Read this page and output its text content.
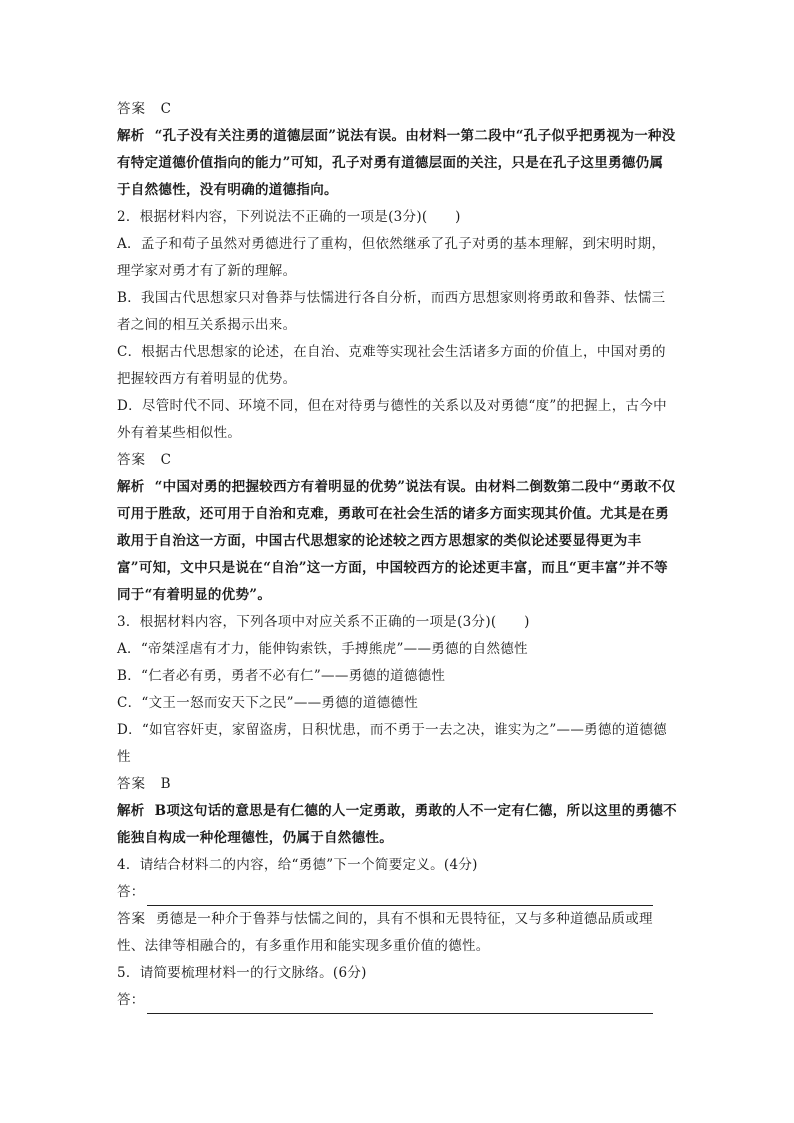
答案 C

解析 “孔子没有关注勇的道德层面”说法有误。由材料一第二段中“孔子似乎把勇视为一种没有特定道德价值指向的能力”可知，孔子对勇有道德层面的关注，只是在孔子这里勇德仍属于自然德性，没有明确的道德指向。

2．根据材料内容，下列说法不正确的一项是(3分)(　　)

A．孟子和荀子虽然对勇德进行了重构，但依然继承了孔子对勇的基本理解，到宋明时期，理学家对勇才有了新的理解。

B．我国古代思想家只对鲁莽与怯懦进行各自分析，而西方思想家则将勇敢和鲁莽、怯懦三者之间的相互关系揭示出来。

C．根据古代思想家的论述，在自治、克难等实现社会生活诸多方面的价值上，中国对勇的把握较西方有着明显的优势。

D．尽管时代不同、环境不同，但在对待勇与德性的关系以及对勇德“度”的把握上，古今中外有着某些相似性。

答案 C

解析 “中国对勇的把握较西方有着明显的优势”说法有误。由材料二倒数第二段中“勇敢不仅可用于胜敌，还可用于自治和克难，勇敢可在社会生活的诸多方面实现其价值。尤其是在勇敢用于自治这一方面，中国古代思想家的论述较之西方思想家的类似论述要显得更为丰富”可知，文中只是说在“自治”这一方面，中国较西方的论述更丰富，而且“更丰富”并不等同于“有着明显的优势”。

3．根据材料内容，下列各项中对应关系不正确的一项是(3分)(　　)

A．“帝桀淫虐有才力，能伸钩索铁，手搏熊虎”——勇德的自然德性

B．“仁者必有勇，勇者不必有仁”——勇德的道德德性

C．“文王一怒而安天下之民”——勇德的道德德性

D．“如官容奸吏，家留盗虏，日积忧患，而不勇于一去之决，谁实为之”——勇德的道德德性

答案 B

解析 B项这句话的意思是有仁德的人一定勇敢，勇敢的人不一定有仁德，所以这里的勇德不能独自构成一种伦理德性，仍属于自然德性。

4．请结合材料二的内容，给“勇德”下一个简要定义。(4分)

答：

答案 勇德是一种介于鲁莽与怯懦之间的，具有不惧和无畏特征，又与多种道德品质或理性、法律等相融合的，有多重作用和能实现多重价值的德性。

5．请简要梳理材料一的行文脉络。(6分)

答：
